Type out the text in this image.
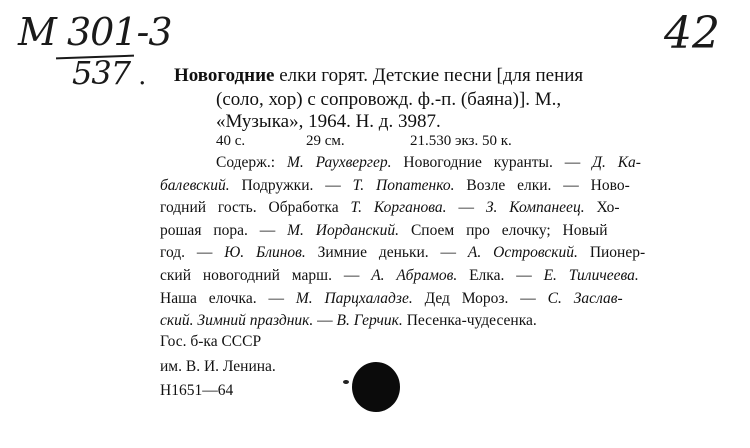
М 301-3
537 .
42
Новогодние елки горят. Детские песни [для пения
(соло, хор) с сопровожд. ф.-п. (баяна)]. М.,
«Музыка», 1964. Н. д. 3987.
40 с.	29 см.	21.530 экз. 50 к.
Содерж.: М. Раухвергер. Новогодние куранты. — Д. Ка-
балевский. Подружки. — Т. Попатенко. Возле елки. — Ново-
годний гость. Обработка Т. Корганова. — З. Компанеец. Хо-
рошая пора. — М. Иорданский. Споем про елочку; Новый
год. — Ю. Блинов. Зимние деньки. — А. Островский. Пионер-
ский новогодний марш. — А. Абрамов. Елка. — Е. Тиличеева.
Наша елочка. — М. Парцхаладзе. Дед Мороз. — С. Заслав-
ский. Зимний праздник. — В. Герчик. Песенка-чудесенка.
Гос. б-ка СССР
им. В. И. Ленина.
Н1651—64
